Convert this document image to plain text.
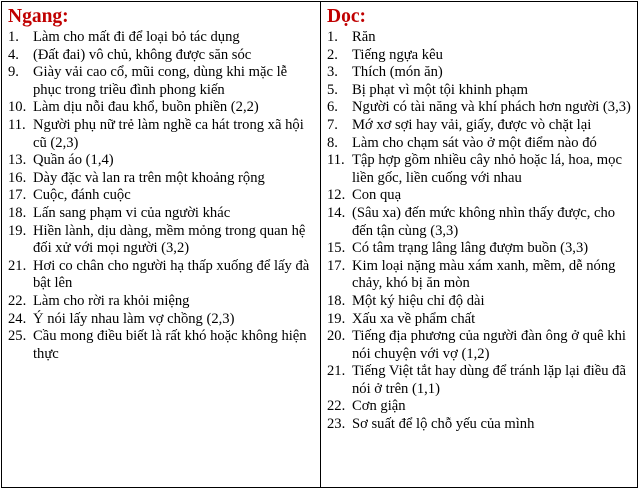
Ngang:
1. Làm cho mất đi để loại bỏ tác dụng
4. (Đất đai) vô chủ, không được săn sóc
9. Giày vải cao cổ, mũi cong, dùng khi mặc lễ phục trong triều đình phong kiến
10. Làm dịu nỗi đau khổ, buồn phiền (2,2)
11. Người phụ nữ trẻ làm nghề ca hát trong xã hội cũ (2,3)
13. Quần áo (1,4)
16. Dày đặc và lan ra trên một khoảng rộng
17. Cuộc, đánh cuộc
18. Lấn sang phạm vi của người khác
19. Hiền lành, dịu dàng, mềm mỏng trong quan hệ đối xử với mọi người (3,2)
21. Hơi co chân cho người hạ thấp xuống để lấy đà bật lên
22. Làm cho rời ra khỏi miệng
24. Ý nói lấy nhau làm vợ chồng (2,3)
25. Cầu mong điều biết là rất khó hoặc không hiện thực
Dọc:
1. Răn
2. Tiếng ngựa kêu
3. Thích (món ăn)
5. Bị phạt vì một tội khinh phạm
6. Người có tài năng và khí phách hơn người (3,3)
7. Mớ xơ sợi hay vải, giấy, được vò chặt lại
8. Làm cho chạm sát vào ở một điểm nào đó
11. Tập hợp gồm nhiều cây nhỏ hoặc lá, hoa, mọc liền gốc, liền cuống với nhau
12. Con quạ
14. (Sâu xa) đến mức không nhìn thấy được, cho đến tận cùng (3,3)
15. Có tâm trạng lâng lâng đượm buồn (3,3)
17. Kim loại nặng màu xám xanh, mềm, dễ nóng chảy, khó bị ăn mòn
18. Một ký hiệu chỉ độ dài
19. Xấu xa về phẩm chất
20. Tiếng địa phương của người đàn ông ở quê khi nói chuyện với vợ (1,2)
21. Tiếng Việt tắt hay dùng để tránh lặp lại điều đã nói ở trên (1,1)
22. Cơn giận
23. Sơ suất để lộ chỗ yếu của mình
